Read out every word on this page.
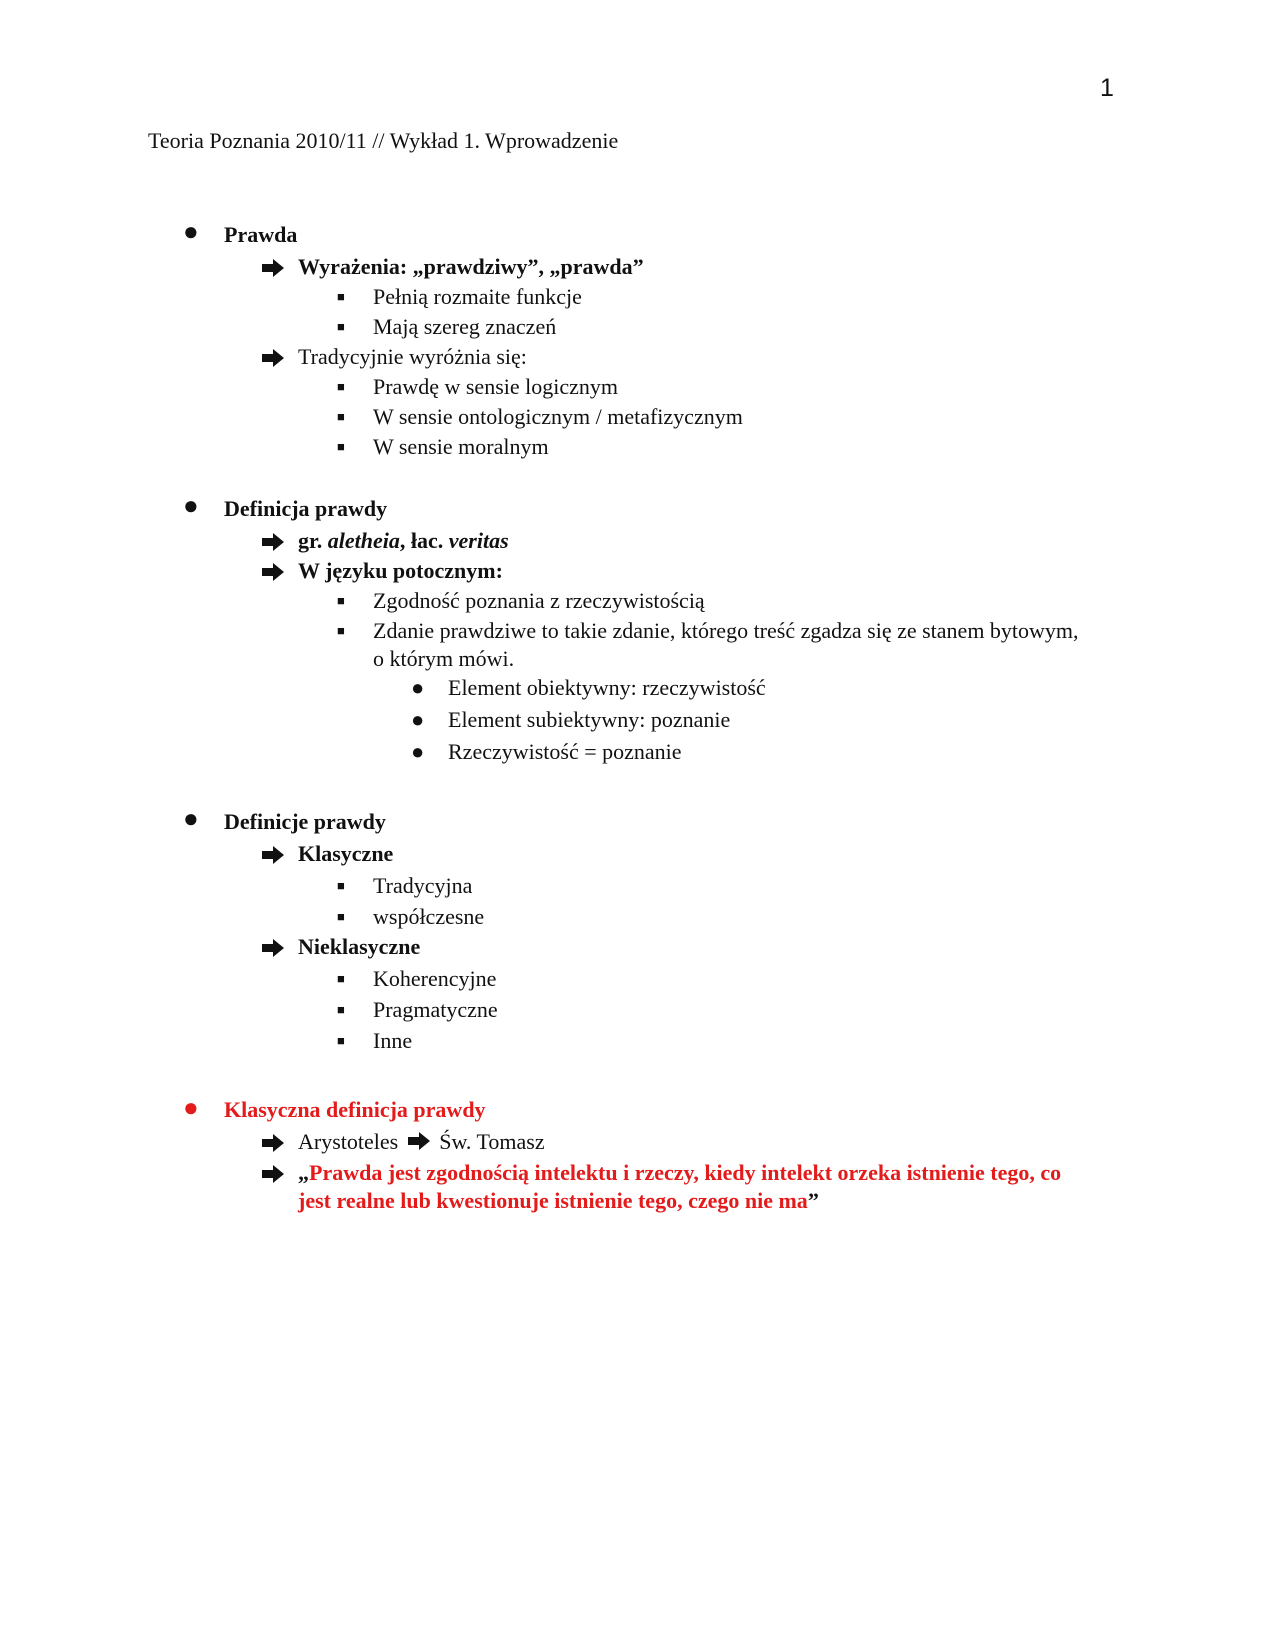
1
Teoria Poznania 2010/11 // Wykład 1. Wprowadzenie
● Prawda
Wyrażenia: „prawdziwy”, „prawda”
■ Pełnią rozmaite funkcje
■ Mają szereg znaczeń
Tradycyjnie wyróżnia się:
■ Prawdę w sensie logicznym
■ W sensie ontologicznym / metafizycznym
■ W sensie moralnym
● Definicja prawdy
gr. aletheia, łac. veritas
W języku potocznym:
■ Zgodność poznania z rzeczywistością
■ Zdanie prawdziwe to takie zdanie, którego treść zgadza się ze stanem bytowym, o którym mówi.
● Element obiektywny: rzeczywistość
● Element subiektywny: poznanie
● Rzeczywistość = poznanie
● Definicje prawdy
Klasyczne
■ Tradycyjna
■ współczesne
Nieklasyczne
■ Koherencyjne
■ Pragmatyczne
■ Inne
● Klasyczna definicja prawdy
Arystoteles Św. Tomasz
„Prawda jest zgodnością intelektu i rzeczy, kiedy intelekt orzeka istnienie tego, co jest realne lub kwestionuje istnienie tego, czego nie ma”
